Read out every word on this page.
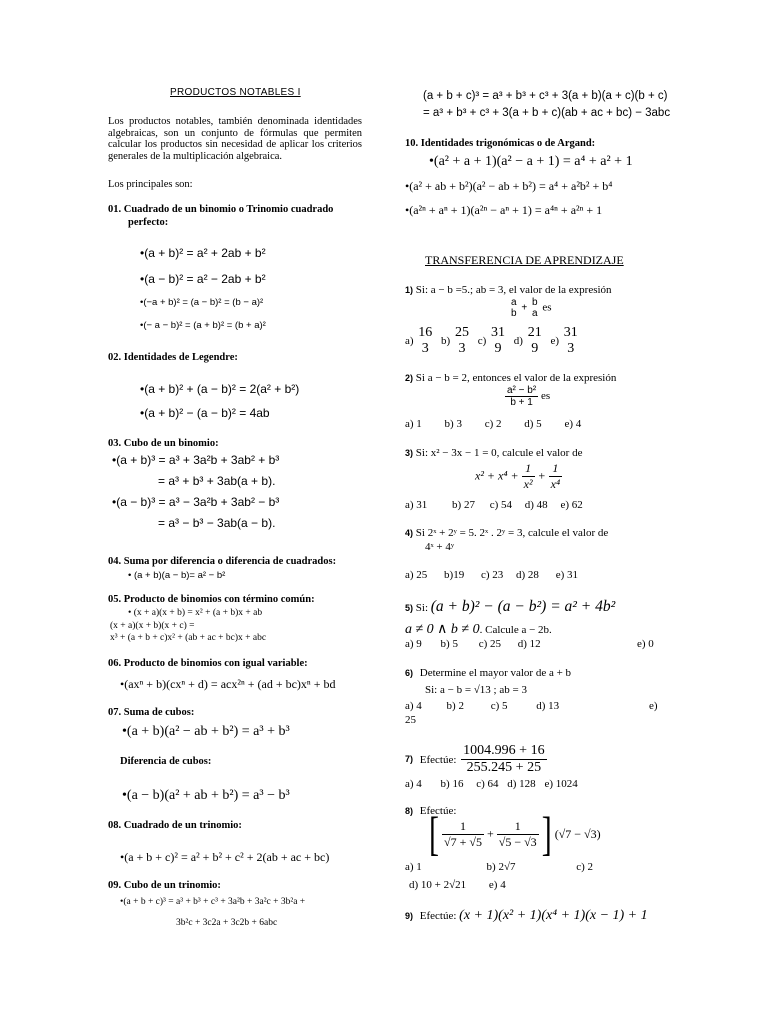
PRODUCTOS NOTABLES I
Los productos notables, también denominada identidades algebraicas, son un conjunto de fórmulas que permiten calcular los productos sin necesidad de aplicar los criterios generales de la multiplicación algebraica.
Los principales son:
01. Cuadrado de un binomio o Trinomio cuadrado
perfecto:
•(a + b)² = a² + 2ab + b²
•(a − b)² = a² − 2ab + b²
•(−a + b)² = (a − b)² = (b − a)²
•(− a − b)² = (a + b)² = (b + a)²
02. Identidades de Legendre:
•(a + b)² + (a − b)² = 2(a² + b²)
•(a + b)² − (a − b)² = 4ab
03. Cubo de un binomio:
•(a + b)³ = a³ + 3a²b + 3ab² + b³
= a³ + b³ + 3ab(a + b).
•(a − b)³ = a³ − 3a²b + 3ab² − b³
= a³ − b³ − 3ab(a − b).
04. Suma por diferencia o diferencia de cuadrados:
• (a + b)(a − b)= a² − b²
05. Producto de binomios con término común:
• (x + a)(x + b) = x² + (a + b)x + ab
(x + a)(x + b)(x + c) =
x³ + (a + b + c)x² + (ab + ac + bc)x + abc
06. Producto de binomios con igual variable:
•(axⁿ + b)(cxⁿ + d) = acx²ⁿ + (ad + bc)xⁿ + bd
07. Suma de cubos:
•(a + b)(a² − ab + b²) = a³ + b³
Diferencia de cubos:
•(a − b)(a² + ab + b²) = a³ − b³
08. Cuadrado de un trinomio:
•(a + b + c)² = a² + b² + c² + 2(ab + ac + bc)
09. Cubo de un trinomio:
•(a + b + c)³ = a³ + b³ + c³ + 3a²b + 3a²c + 3b²a +
3b²c + 3c2a + 3c2b + 6abc
(a + b + c)³ = a³ + b³ + c³ + 3(a + b)(a + c)(b + c)
= a³ + b³ + c³ + 3(a + b + c)(ab + ac + bc) − 3abc
10. Identidades trigonómicas o de Argand:
•(a² + a + 1)(a² − a + 1) = a⁴ + a² + 1
•(a² + ab + b²)(a² − ab + b²) = a⁴ + a²b² + b⁴
•(a²ⁿ + aⁿ + 1)(a²ⁿ − aⁿ + 1) = a⁴ⁿ + a²ⁿ + 1
TRANSFERENCIA DE APRENDIZAJE
1) Si: a − b =5.; ab = 3, el valor de la expresión
a
b +
b
a es
a)
16
3
b)
25
3
c)
31
9
d)
21
9
e)
31
3
2) Si a − b = 2, entonces el valor de la expresión
$\frac{\text{a² − b²}}{b + 1}$ es
a) 1 b) 3 c) 2 d) 5 e) 4
3) Si: x² − 3x − 1 = 0, calcule el valor de
$x^2 + x^4 + \frac{1}{\text{x²}} + \frac{1}{\text{x⁴}}$
a) 31 b) 27 c) 54 d) 48 e) 62
4) Si 2ˣ + 2ʸ = 5. 2ˣ . 2ʸ = 3, calcule el valor de
4ˣ + 4ʸ
a) 25 b)19 c) 23 d) 28 e) 31
5) Si: (a + b)² − (a − b²) = a² + 4b²
a ≠ 0 ∧ b ≠ 0. Calcule a − 2b.
a) 9 b) 5 c) 25 d) 12	e) 0
6) Determine el mayor valor de a + b
Si: a − b = √13 ; ab = 3
a) 4 b) 2 c) 5	d) 13	e)
25
7) Efectúe: $\frac{1004.996 + 16}{255.245 + 25}$
a) 4 b) 16 c) 64 d) 128 e) 1024
8) Efectúe:
[ $\frac{1}{√7 + √5} + \frac{1}{√5 - √3}$ ] (√7 − √3)
a) 1	b) 2√7	c) 2
d) 10 + 2√21 e) 4
9) Efectúe: (x + 1)(x² + 1)(x⁴ + 1)(x − 1) + 1
